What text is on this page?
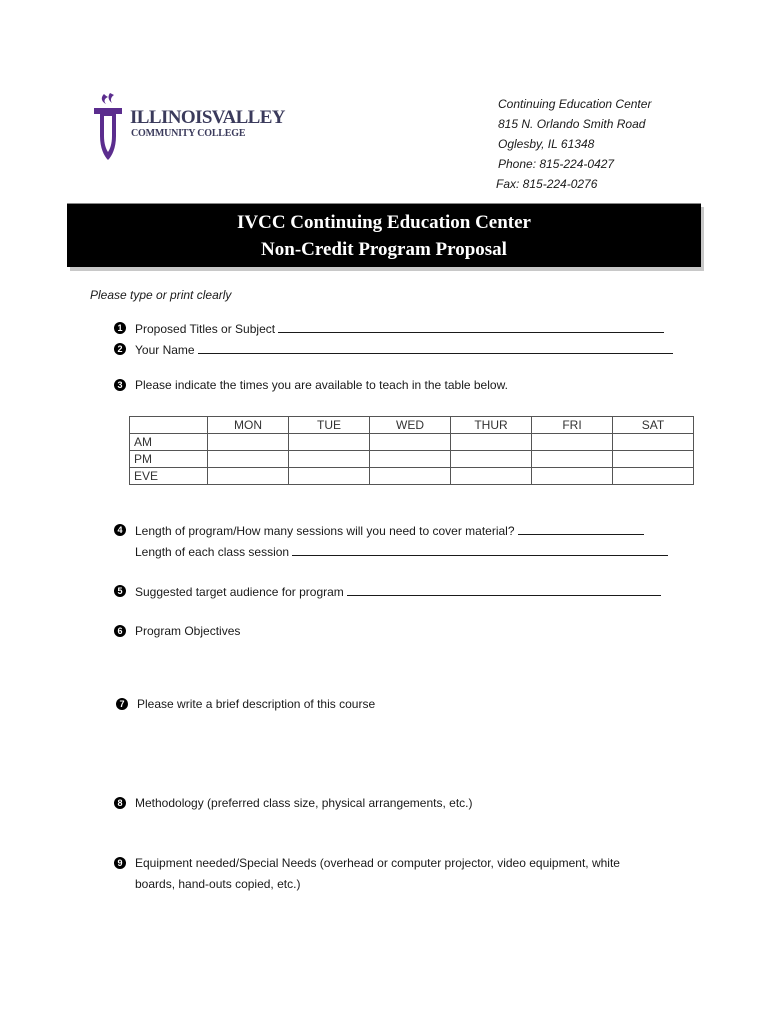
ILLINOISVALLEY
COMMUNITY COLLEGE
Continuing Education Center
815 N. Orlando Smith Road
Oglesby, IL 61348
Phone: 815-224-0427
Fax: 815-224-0276
IVCC Continuing Education Center
Non-Credit Program Proposal
Please type or print clearly
1 Proposed Titles or Subject
2 Your Name
3 Please indicate the times you are available to teach in the table below.
	MON	TUE	WED	THUR	FRI	SAT
AM						
PM						
EVE						
4 Length of program/How many sessions will you need to cover material?
Length of each class session
5 Suggested target audience for program
6 Program Objectives
7 Please write a brief description of this course
8 Methodology (preferred class size, physical arrangements, etc.)
9 Equipment needed/Special Needs (overhead or computer projector, video equipment, white
boards, hand-outs copied, etc.)
